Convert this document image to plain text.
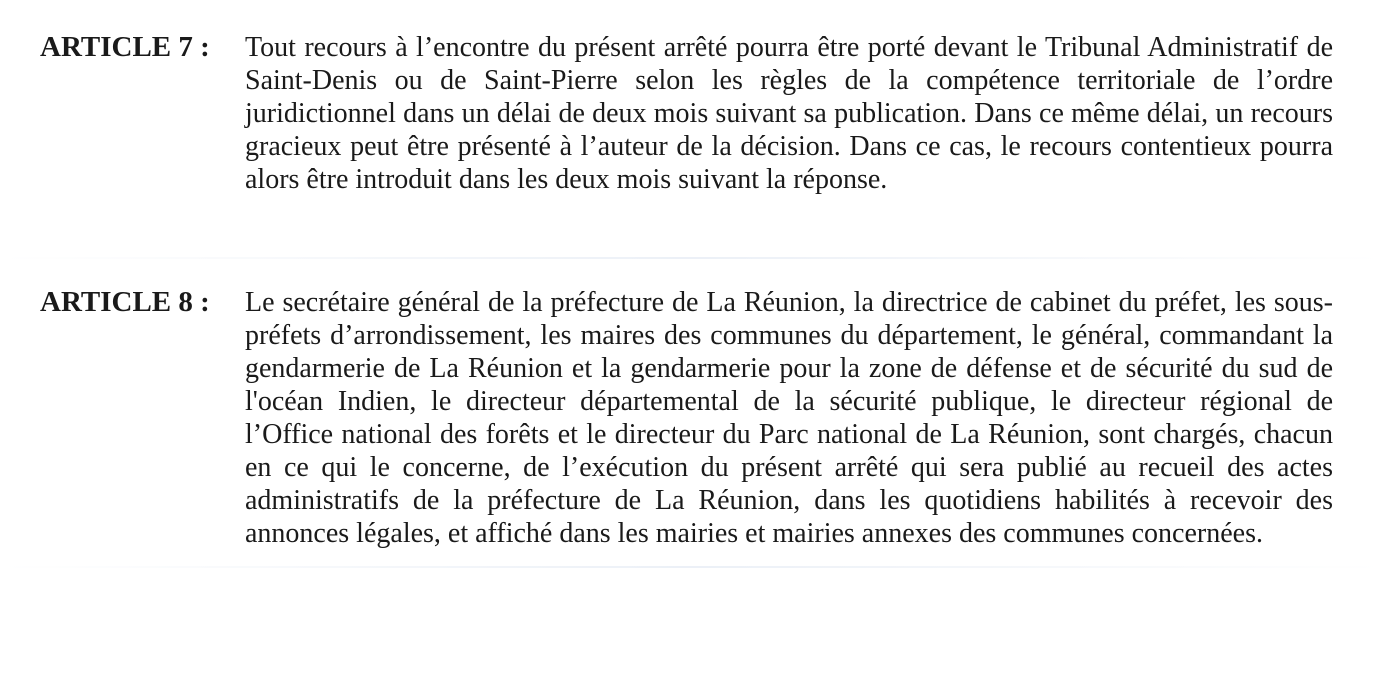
ARTICLE 7 :	Tout recours à l’encontre du présent arrêté pourra être porté devant le Tribunal Administratif de Saint-Denis ou de Saint-Pierre selon les règles de la compétence territoriale de l’ordre juridictionnel dans un délai de deux mois suivant sa publication. Dans ce même délai, un recours gracieux peut être présenté à l’auteur de la décision. Dans ce cas, le recours contentieux pourra alors être introduit dans les deux mois suivant la réponse.

ARTICLE 8 :	Le secrétaire général de la préfecture de La Réunion, la directrice de cabinet du préfet, les sous-préfets d’arrondissement, les maires des communes du département, le général, commandant la gendarmerie de La Réunion et la gendarmerie pour la zone de défense et de sécurité du sud de l'océan Indien, le directeur départemental de la sécurité publique, le directeur régional de l’Office national des forêts et le directeur du Parc national de La Réunion, sont chargés, chacun en ce qui le concerne, de l’exécution du présent arrêté qui sera publié au recueil des actes administratifs de la préfecture de La Réunion, dans les quotidiens habilités à recevoir des annonces légales, et affiché dans les mairies et mairies annexes des communes concernées.
